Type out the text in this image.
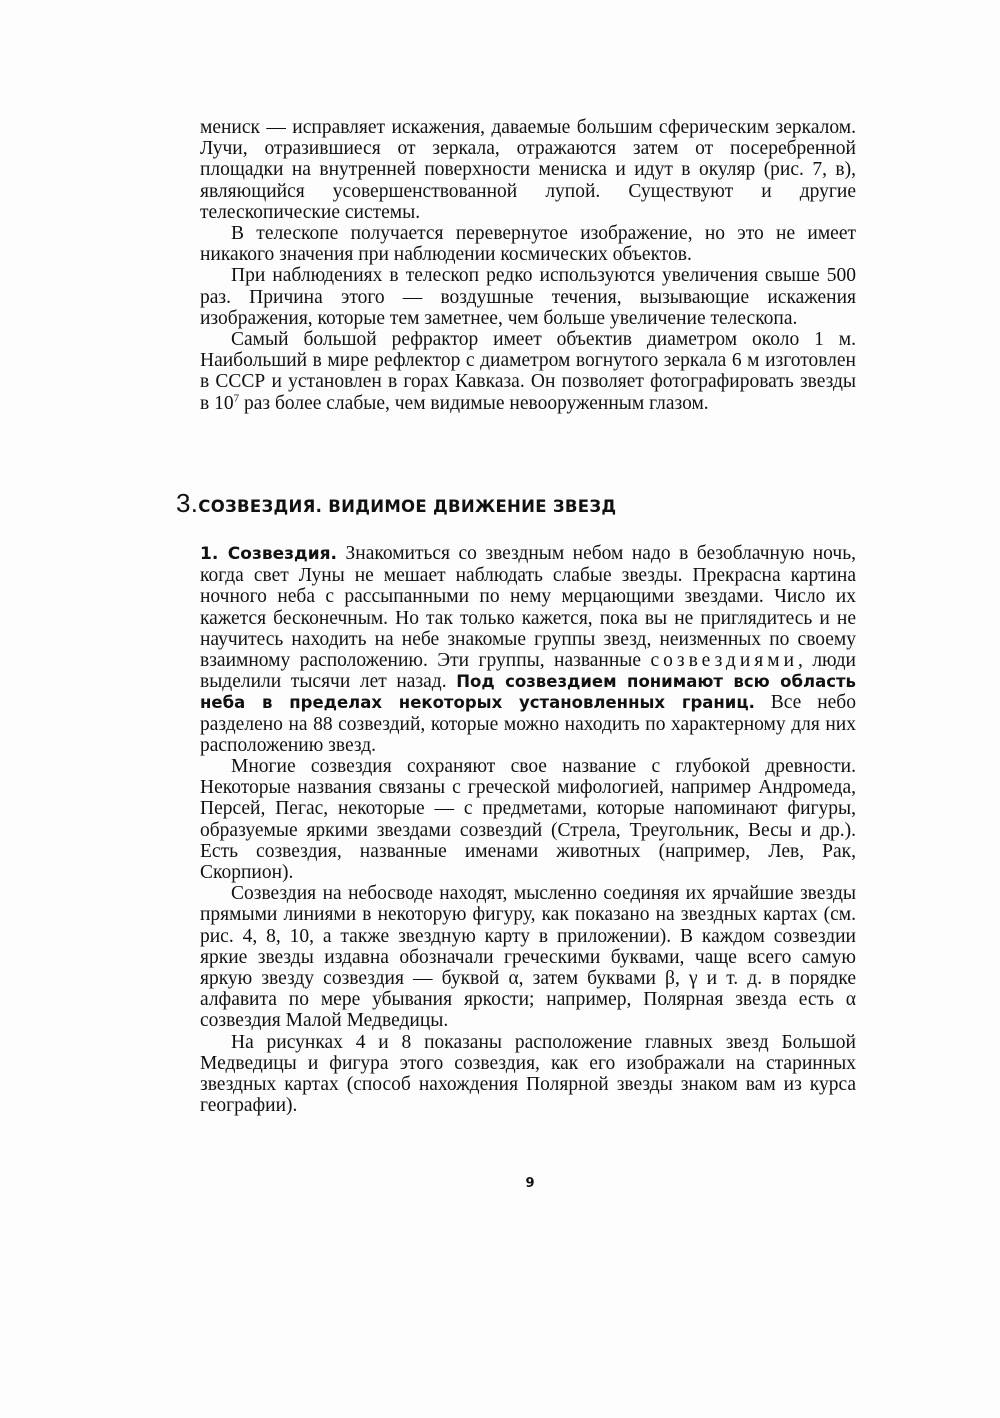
мениск — исправляет искажения, даваемые большим сферическим зеркалом. Лучи, отразившиеся от зеркала, отражаются затем от посеребренной площадки на внутренней поверхности мениска и идут в окуляр (рис. 7, в), являющийся усовершенствованной лупой. Существуют и другие телескопические системы.

В телескопе получается перевернутое изображение, но это не имеет никакого значения при наблюдении космических объектов.

При наблюдениях в телескоп редко используются увеличения свыше 500 раз. Причина этого — воздушные течения, вызывающие искажения изображения, которые тем заметнее, чем больше увеличение телескопа.

Самый большой рефрактор имеет объектив диаметром около 1 м. Наибольший в мире рефлектор с диаметром вогнутого зеркала 6 м изготовлен в СССР и установлен в горах Кавказа. Он позволяет фотографировать звезды в $10^7$ раз более слабые, чем видимые невооруженным глазом.

3.СОЗВЕЗДИЯ. ВИДИМОЕ ДВИЖЕНИЕ ЗВЕЗД

1. Созвездия. Знакомиться со звездным небом надо в безоблачную ночь, когда свет Луны не мешает наблюдать слабые звезды. Прекрасна картина ночного неба с рассыпанными по нему мерцающими звездами. Число их кажется бесконечным. Но так только кажется, пока вы не приглядитесь и не научитесь находить на небе знакомые группы звезд, неизменных по своему взаимному расположению. Эти группы, названные созвездиями, люди выделили тысячи лет назад. Под созвездием понимают всю область неба в пределах некоторых установленных границ. Все небо разделено на 88 созвездий, которые можно находить по характерному для них расположению звезд.

Многие созвездия сохраняют свое название с глубокой древности. Некоторые названия связаны с греческой мифологией, например Андромеда, Персей, Пегас, некоторые — с предметами, которые напоминают фигуры, образуемые яркими звездами созвездий (Стрела, Треугольник, Весы и др.). Есть созвездия, названные именами животных (например, Лев, Рак, Скорпион).

Созвездия на небосводе находят, мысленно соединяя их ярчайшие звезды прямыми линиями в некоторую фигуру, как показано на звездных картах (см. рис. 4, 8, 10, а также звездную карту в приложении). В каждом созвездии яркие звезды издавна обозначали греческими буквами, чаще всего самую яркую звезду созвездия — буквой α, затем буквами β, γ и т. д. в порядке алфавита по мере убывания яркости; например, Полярная звезда есть α созвездия Малой Медведицы.

На рисунках 4 и 8 показаны расположение главных звезд Большой Медведицы и фигура этого созвездия, как его изображали на старинных звездных картах (способ нахождения Полярной звезды знаком вам из курса географии).

9
